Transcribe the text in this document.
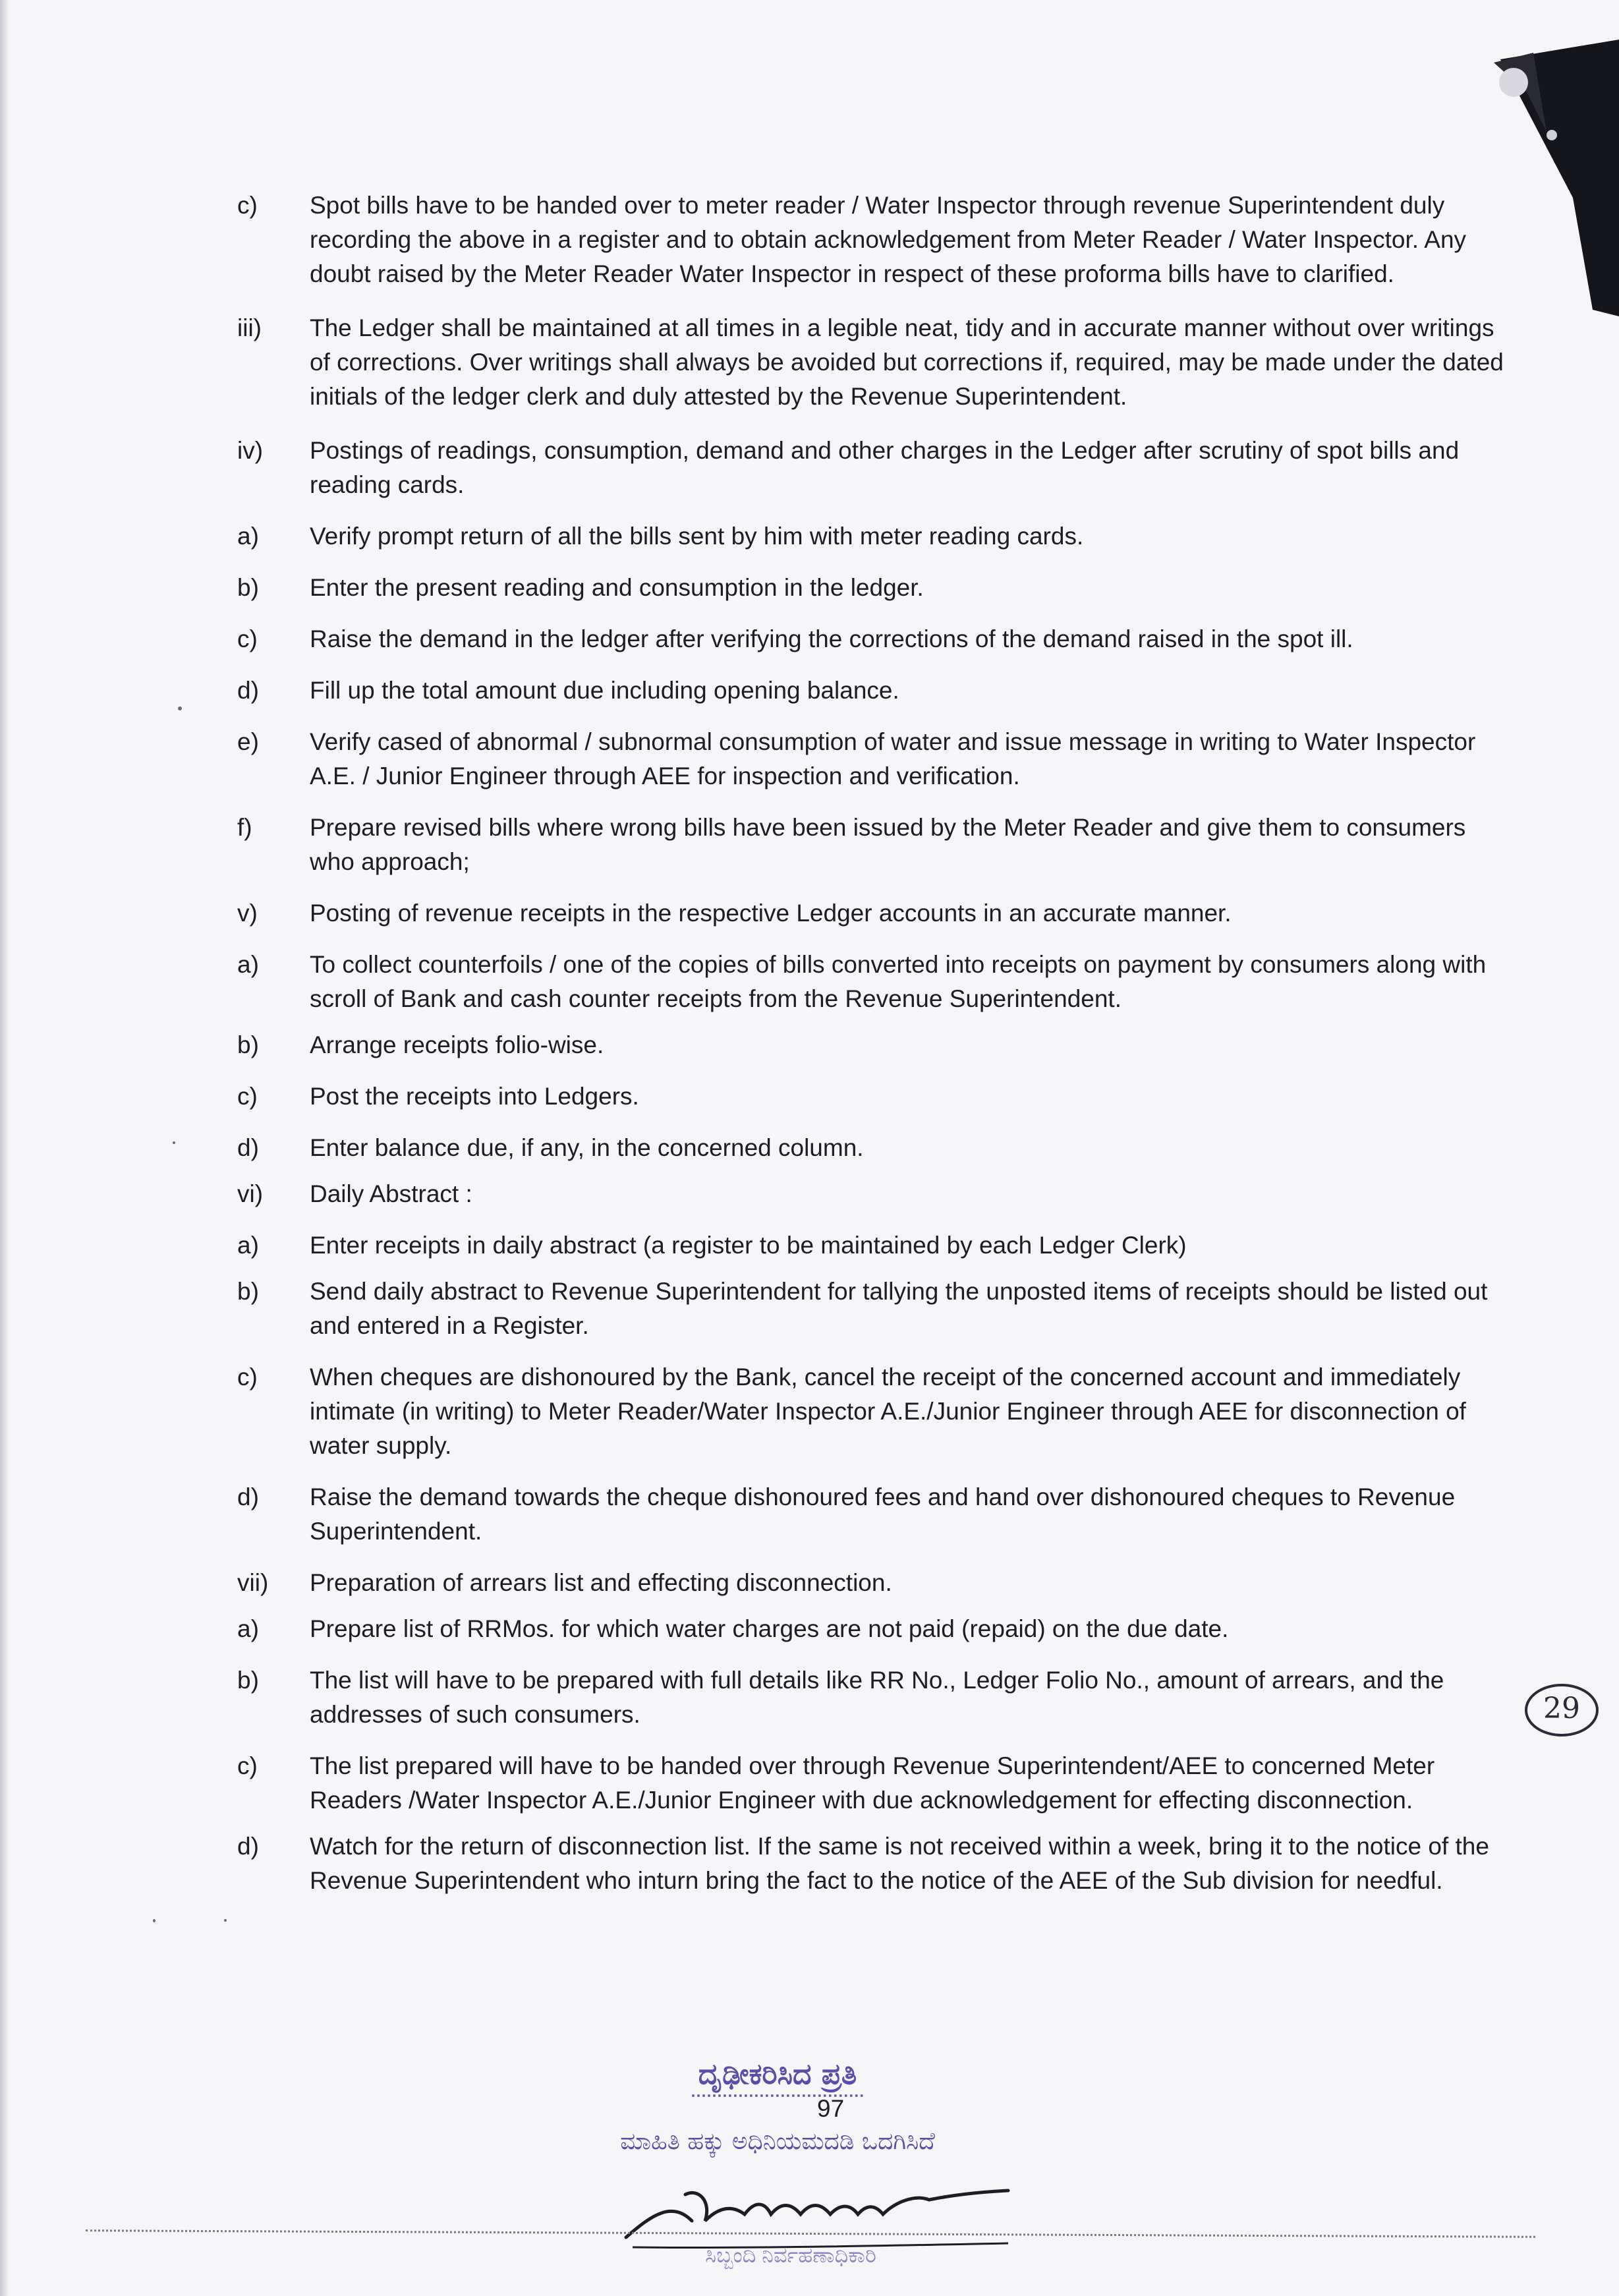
c)	Spot bills have to be handed over to meter reader / Water Inspector through revenue Superintendent duly recording the above in a register and to obtain acknowledgement from Meter Reader / Water Inspector. Any doubt raised by the Meter Reader Water Inspector in respect of these proforma bills have to clarified.
iii)	The Ledger shall be maintained at all times in a legible neat, tidy and in accurate manner without over writings of corrections. Over writings shall always be avoided but corrections if, required, may be made under the dated initials of the ledger clerk and duly attested by the Revenue Superintendent.
iv)	Postings of readings, consumption, demand and other charges in the Ledger after scrutiny of spot bills and reading cards.
a)	Verify prompt return of all the bills sent by him with meter reading cards.
b)	Enter the present reading and consumption in the ledger.
c)	Raise the demand in the ledger after verifying the corrections of the demand raised in the spot ill.
d)	Fill up the total amount due including opening balance.
e)	Verify cased of abnormal / subnormal consumption of water and issue message in writing to Water Inspector A.E. / Junior Engineer through AEE for inspection and verification.
f)	Prepare revised bills where wrong bills have been issued by the Meter Reader and give them to consumers who approach;
v)	Posting of revenue receipts in the respective Ledger accounts in an accurate manner.
a)	To collect counterfoils / one of the copies of bills converted into receipts on payment by consumers along with scroll of Bank and cash counter receipts from the Revenue Superintendent.
b)	Arrange receipts folio-wise.
c)	Post the receipts into Ledgers.
d)	Enter balance due, if any, in the concerned column.
vi)	Daily Abstract :
a)	Enter receipts in daily abstract (a register to be maintained by each Ledger Clerk)
b)	Send daily abstract to Revenue Superintendent for tallying the unposted items of receipts should be listed out and entered in a Register.
c)	When cheques are dishonoured by the Bank, cancel the receipt of the concerned account and immediately intimate (in writing) to Meter Reader/Water Inspector A.E./Junior Engineer through AEE for disconnection of water supply.
d)	Raise the demand towards the cheque dishonoured fees and hand over dishonoured cheques to Revenue Superintendent.
vii)	Preparation of arrears list and effecting disconnection.
a)	Prepare list of RRMos. for which water charges are not paid (repaid) on the due date.
b)	The list will have to be prepared with full details like RR No., Ledger Folio No., amount of arrears, and the addresses of such consumers.
c)	The list prepared will have to be handed over through Revenue Superintendent/AEE to concerned Meter Readers /Water Inspector A.E./Junior Engineer with due acknowledgement for effecting disconnection.
d)	Watch for the return of disconnection list. If the same is not received within a week, bring it to the notice of the Revenue Superintendent who inturn bring the fact to the notice of the AEE of the Sub division for needful.
29
ದೃಢೀಕರಿಸಿದ ಪ್ರತಿ
ಮಾಹಿತಿ ಹಕ್ಕು ಅಧಿನಿಯಮದಡಿ ಒದಗಿಸಿದೆ
97
ಸಿಬ್ಬಂದಿ ನಿರ್ವಹಣಾಧಿಕಾರಿ
